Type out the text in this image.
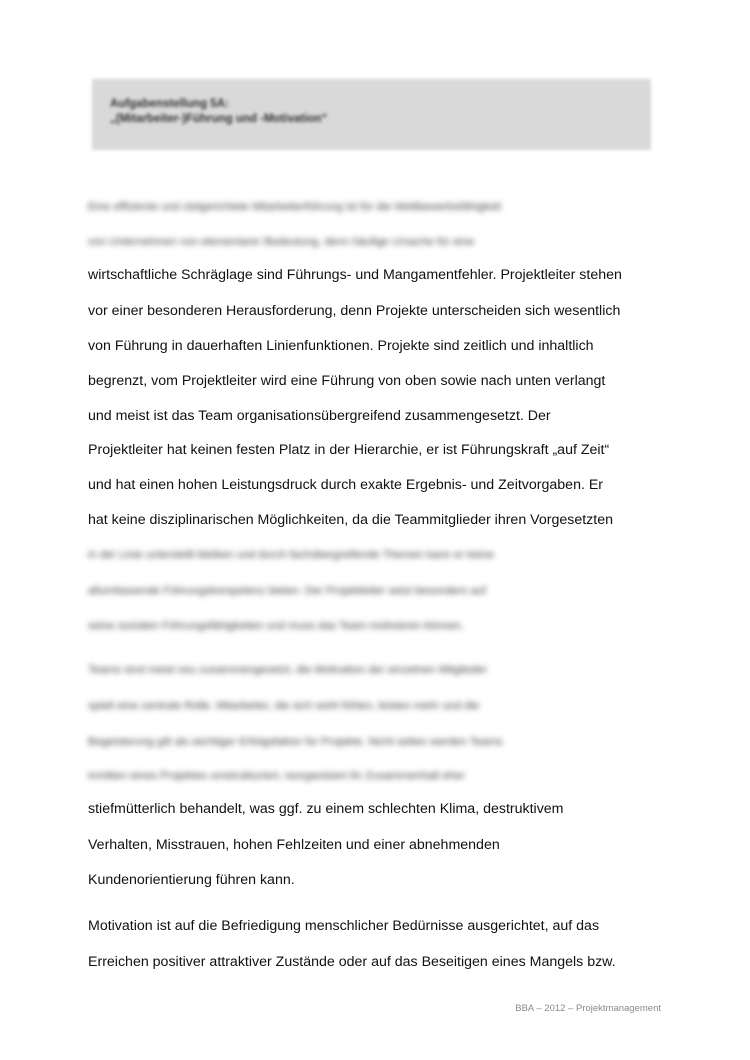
Aufgabenstellung 5A:
„(Mitarbeiter-)Führung und -Motivation“
Eine effiziente und zielgerichtete Mitarbeiterführung ist für die Wettbewerbsfähigkeit
von Unternehmen von elementarer Bedeutung, denn häufige Ursache für eine
wirtschaftliche Schräglage sind Führungs- und Mangamentfehler. Projektleiter stehen
vor einer besonderen Herausforderung, denn Projekte unterscheiden sich wesentlich
von Führung in dauerhaften Linienfunktionen. Projekte sind zeitlich und inhaltlich
begrenzt, vom Projektleiter wird eine Führung von oben sowie nach unten verlangt
und meist ist das Team organisationsübergreifend zusammengesetzt. Der
Projektleiter hat keinen festen Platz in der Hierarchie, er ist Führungskraft „auf Zeit“
und hat einen hohen Leistungsdruck durch exakte Ergebnis- und Zeitvorgaben. Er
hat keine disziplinarischen Möglichkeiten, da die Teammitglieder ihren Vorgesetzten
in der Linie unterstellt bleiben und durch fachübergreifende Themen kann er keine
allumfassende Führungskompetenz bieten. Der Projektleiter setzt besonders auf
seine sozialen Führungsfähigkeiten und muss das Team motivieren können.
Teams sind meist neu zusammengesetzt, die Motivation der einzelnen Mitglieder
spielt eine zentrale Rolle. Mitarbeiter, die sich wohl fühlen, leisten mehr und die
Begeisterung gilt als wichtiger Erfolgsfaktor für Projekte. Nicht selten werden Teams
inmitten eines Projektes umstrukturiert, reorganisiert ihr Zusammenhalt eher
stiefmütterlich behandelt, was ggf. zu einem schlechten Klima, destruktivem
Verhalten, Misstrauen, hohen Fehlzeiten und einer abnehmenden
Kundenorientierung führen kann.
Motivation ist auf die Befriedigung menschlicher Bedürnisse ausgerichtet, auf das
Erreichen positiver attraktiver Zustände oder auf das Beseitigen eines Mangels bzw.
BBA – 2012 – Projektmanagement
